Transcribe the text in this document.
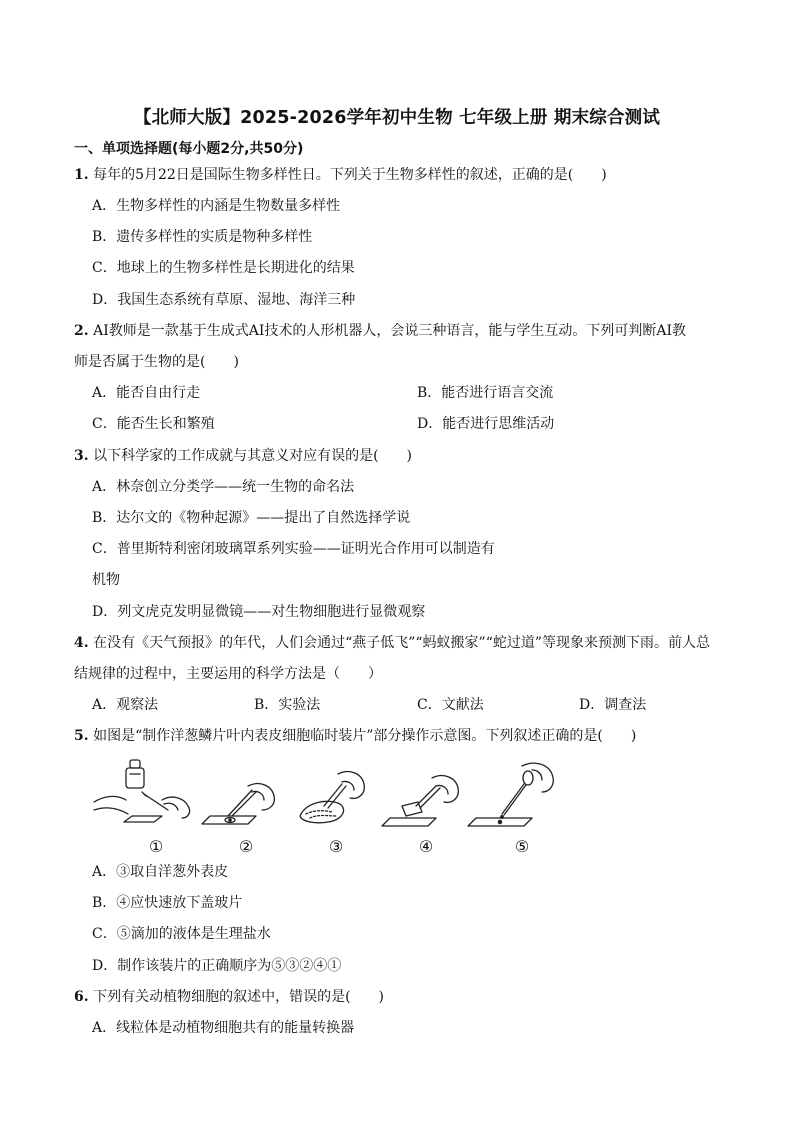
【北师大版】2025-2026学年初中生物 七年级上册 期末综合测试
一、单项选择题(每小题2分,共50分)
1. 每年的5月22日是国际生物多样性日。下列关于生物多样性的叙述，正确的是(　　)
A．生物多样性的内涵是生物数量多样性
B．遗传多样性的实质是物种多样性
C．地球上的生物多样性是长期进化的结果
D．我国生态系统有草原、湿地、海洋三种
2. AI教师是一款基于生成式AI技术的人形机器人，会说三种语言，能与学生互动。下列可判断AI教
师是否属于生物的是(　　)
A．能否自由行走	B．能否进行语言交流
C．能否生长和繁殖	D．能否进行思维活动
3. 以下科学家的工作成就与其意义对应有误的是(　　)
A．林奈创立分类学——统一生物的命名法
B．达尔文的《物种起源》——提出了自然选择学说
C．普里斯特利密闭玻璃罩系列实验——证明光合作用可以制造有
机物
D．列文虎克发明显微镜——对生物细胞进行显微观察
4. 在没有《天气预报》的年代，人们会通过“燕子低飞”“蚂蚁搬家”“蛇过道”等现象来预测下雨。前人总
结规律的过程中，主要运用的科学方法是（　　）
A．观察法	B．实验法	C．文献法	D．调查法
5. 如图是“制作洋葱鳞片叶内表皮细胞临时装片”部分操作示意图。下列叙述正确的是(　　)
①	②	③	④	⑤
A．③取自洋葱外表皮
B．④应快速放下盖玻片
C．⑤滴加的液体是生理盐水
D．制作该装片的正确顺序为⑤③②④①
6. 下列有关动植物细胞的叙述中，错误的是(　　)
A．线粒体是动植物细胞共有的能量转换器
